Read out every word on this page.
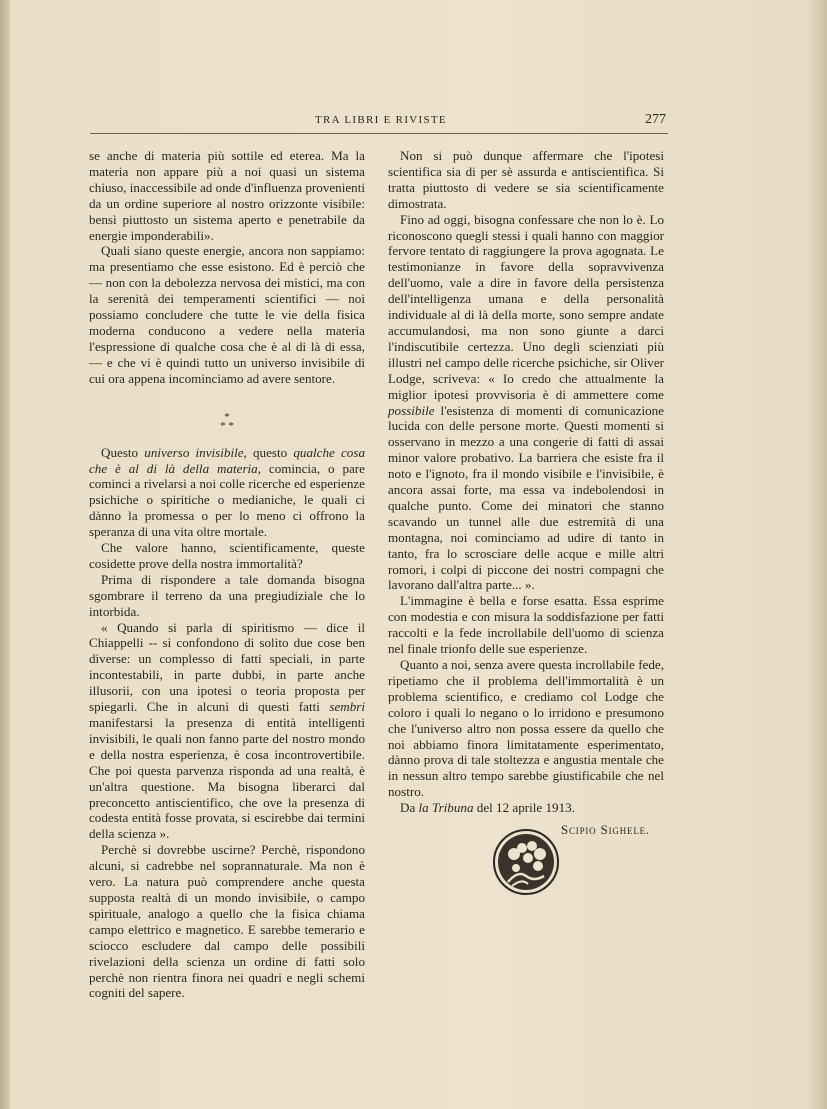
TRA LIBRI E RIVISTE	277

se anche di materia più sottile ed eterea. Ma la materia non appare più a noi quasi un sistema chiuso, inaccessibile ad onde d'influenza provenienti da un ordine superiore al nostro orizzonte visibile: bensì piuttosto un sistema aperto e penetrabile da energie imponderabili».

Quali siano queste energie, ancora non sappiamo: ma presentiamo che esse esistono. Ed è perciò che — non con la debolezza nervosa dei mistici, ma con la serenità dei temperamenti scientifici — noi possiamo concludere che tutte le vie della fisica moderna conducono a vedere nella materia l'espressione di qualche cosa che è al di là di essa, — e che vi è quindi tutto un universo invisibile di cui ora appena incominciamo ad avere sentore.

*
* *

Questo universo invisibile, questo qualche cosa che è al di là della materia, comincia, o pare cominci a rivelarsi a noi colle ricerche ed esperienze psichiche o spiritiche o medianiche, le quali ci dànno la promessa o per lo meno ci offrono la speranza di una vita oltre mortale.

Che valore hanno, scientificamente, queste cosidette prove della nostra immortalità?

Prima di rispondere a tale domanda bisogna sgombrare il terreno da una pregiudiziale che lo intorbida.

« Quando si parla di spiritismo — dice il Chiappelli -- si confondono di solito due cose ben diverse: un complesso di fatti speciali, in parte incontestabili, in parte dubbi, in parte anche illusorii, con una ipotesi o teoria proposta per spiegarli. Che in alcuni di questi fatti sembri manifestarsi la presenza di entità intelligenti invisibili, le quali non fanno parte del nostro mondo e della nostra esperienza, è cosa incontrovertibile. Che poi questa parvenza risponda ad una realtà, è un'altra questione. Ma bisogna liberarci dal preconcetto antiscientifico, che ove la presenza di codesta entità fosse provata, si escirebbe dai termini della scienza ».

Perchè si dovrebbe uscirne? Perchè, rispondono alcuni, si cadrebbe nel soprannaturale. Ma non è vero. La natura può comprendere anche questa supposta realtà di un mondo invisibile, o campo spirituale, analogo a quello che la fisica chiama campo elettrico e magnetico. E sarebbe temerario e sciocco escludere dal campo delle possibili rivelazioni della scienza un ordine di fatti solo perchè non rientra finora nei quadri e negli schemi cogniti del sapere.

Non si può dunque affermare che l'ipotesi scientifica sia di per sè assurda e antiscientifica. Si tratta piuttosto di vedere se sia scientificamente dimostrata.

Fino ad oggi, bisogna confessare che non lo è. Lo riconoscono quegli stessi i quali hanno con maggior fervore tentato di raggiungere la prova agognata. Le testimonianze in favore della sopravvivenza dell'uomo, vale a dire in favore della persistenza dell'intelligenza umana e della personalità individuale al di là della morte, sono sempre andate accumulandosi, ma non sono giunte a darci l'indiscutibile certezza. Uno degli scienziati più illustri nel campo delle ricerche psichiche, sir Oliver Lodge, scriveva: « Io credo che attualmente la miglior ipotesi provvisoria è di ammettere come possibile l'esistenza di momenti di comunicazione lucida con delle persone morte. Questi momenti si osservano in mezzo a una congerie di fatti di assai minor valore probativo. La barriera che esiste fra il noto e l'ignoto, fra il mondo visibile e l'invisibile, è ancora assai forte, ma essa va indebolendosi in qualche punto. Come dei minatori che stanno scavando un tunnel alle due estremità di una montagna, noi cominciamo ad udire di tanto in tanto, fra lo scrosciare delle acque e mille altri romori, i colpi di piccone dei nostri compagni che lavorano dall'altra parte... ».

L'immagine è bella e forse esatta. Essa esprime con modestia e con misura la soddisfazione per fatti raccolti e la fede incrollabile dell'uomo di scienza nel finale trionfo delle sue esperienze.

Quanto a noi, senza avere questa incrollabile fede, ripetiamo che il problema dell'immortalità è un problema scientifico, e crediamo col Lodge che coloro i quali lo negano o lo irridono e presumono che l'universo altro non possa essere da quello che noi abbiamo finora limitatamente esperimentato, dànno prova di tale stoltezza e angustia mentale che in nessun altro tempo sarebbe giustificabile che nel nostro.

Da la Tribuna del 12 aprile 1913.

Scipio Sighele.
